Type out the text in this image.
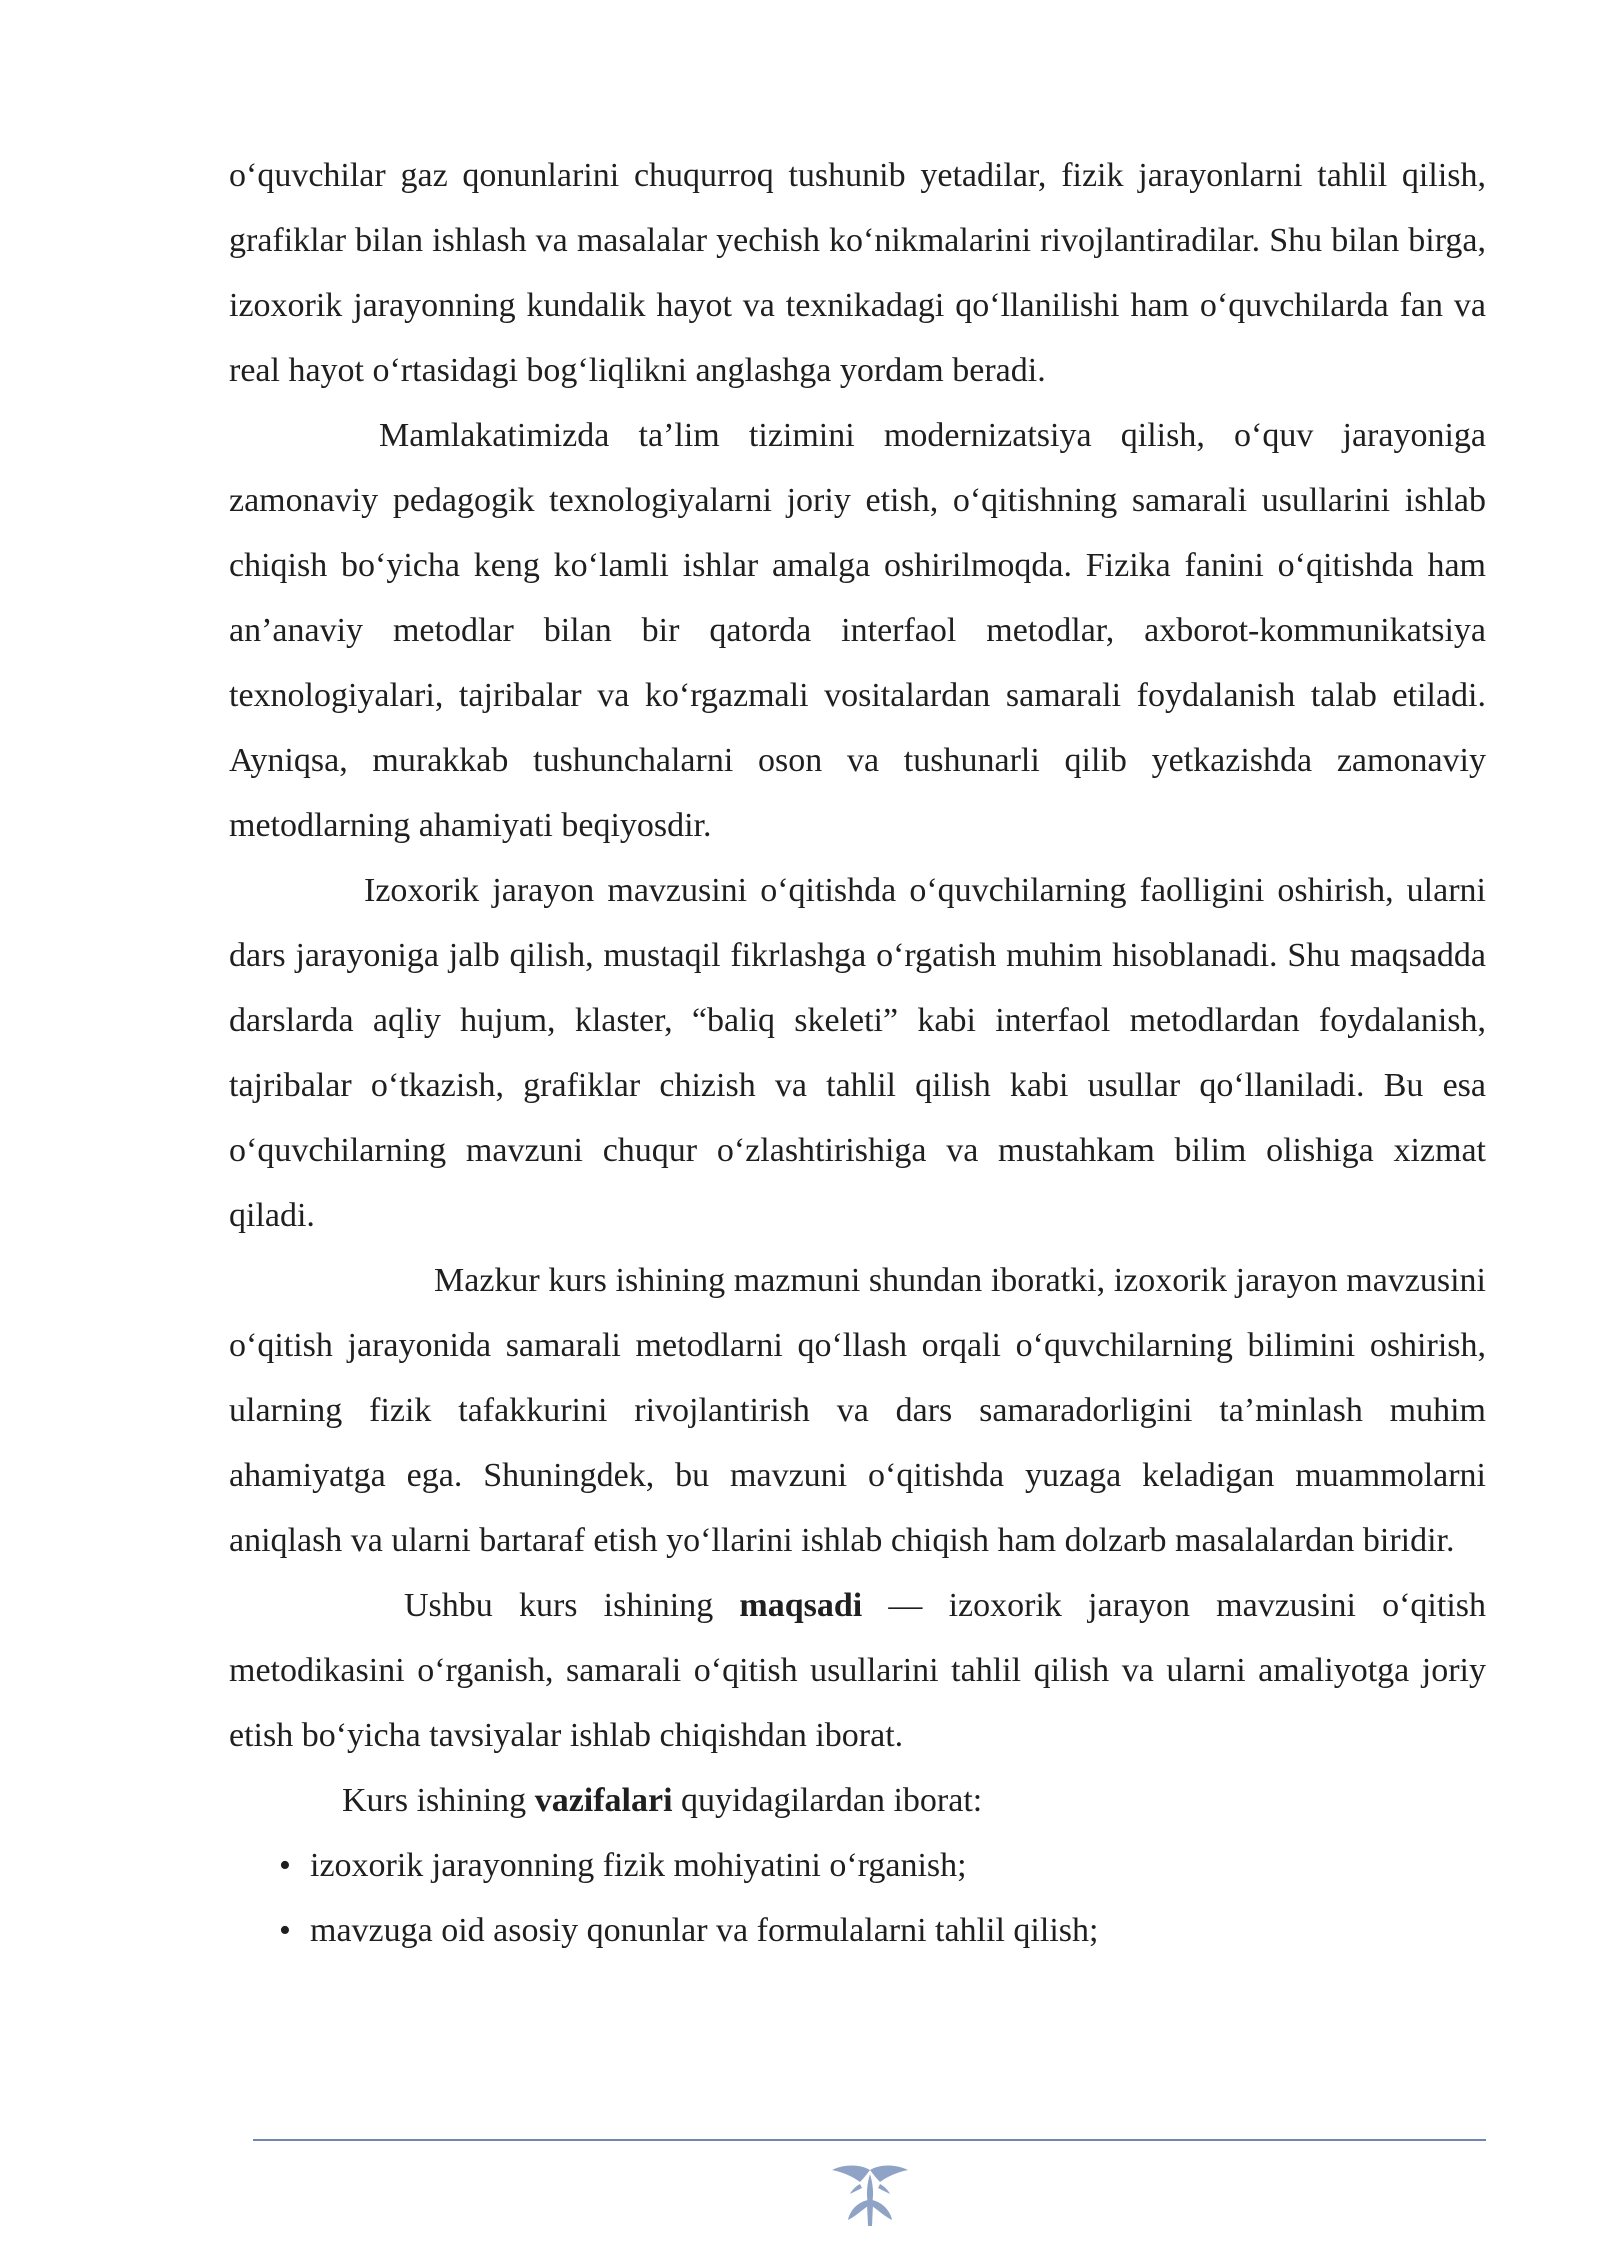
o‘quvchilar gaz qonunlarini chuqurroq tushunib yetadilar, fizik jarayonlarni tahlil qilish, grafiklar bilan ishlash va masalalar yechish ko‘nikmalarini rivojlantiradilar. Shu bilan birga, izoxorik jarayonning kundalik hayot va texnikadagi qo‘llanilishi ham o‘quvchilarda fan va real hayot o‘rtasidagi bog‘liqlikni anglashga yordam beradi.

Mamlakatimizda ta’lim tizimini modernizatsiya qilish, o‘quv jarayoniga zamonaviy pedagogik texnologiyalarni joriy etish, o‘qitishning samarali usullarini ishlab chiqish bo‘yicha keng ko‘lamli ishlar amalga oshirilmoqda. Fizika fanini o‘qitishda ham an’anaviy metodlar bilan bir qatorda interfaol metodlar, axborot-kommunikatsiya texnologiyalari, tajribalar va ko‘rgazmali vositalardan samarali foydalanish talab etiladi. Ayniqsa, murakkab tushunchalarni oson va tushunarli qilib yetkazishda zamonaviy metodlarning ahamiyati beqiyosdir.

Izoxorik jarayon mavzusini o‘qitishda o‘quvchilarning faolligini oshirish, ularni dars jarayoniga jalb qilish, mustaqil fikrlashga o‘rgatish muhim hisoblanadi. Shu maqsadda darslarda aqliy hujum, klaster, “baliq skeleti” kabi interfaol metodlardan foydalanish, tajribalar o‘tkazish, grafiklar chizish va tahlil qilish kabi usullar qo‘llaniladi. Bu esa o‘quvchilarning mavzuni chuqur o‘zlashtirishiga va mustahkam bilim olishiga xizmat qiladi.

Mazkur kurs ishining mazmuni shundan iboratki, izoxorik jarayon mavzusini o‘qitish jarayonida samarali metodlarni qo‘llash orqali o‘quvchilarning bilimini oshirish, ularning fizik tafakkurini rivojlantirish va dars samaradorligini ta’minlash muhim ahamiyatga ega. Shuningdek, bu mavzuni o‘qitishda yuzaga keladigan muammolarni aniqlash va ularni bartaraf etish yo‘llarini ishlab chiqish ham dolzarb masalalardan biridir.

Ushbu kurs ishining maqsadi — izoxorik jarayon mavzusini o‘qitish metodikasini o‘rganish, samarali o‘qitish usullarini tahlil qilish va ularni amaliyotga joriy etish bo‘yicha tavsiyalar ishlab chiqishdan iborat.

Kurs ishining vazifalari quyidagilardan iborat:

• izoxorik jarayonning fizik mohiyatini o‘rganish;
• mavzuga oid asosiy qonunlar va formulalarni tahlil qilish;
